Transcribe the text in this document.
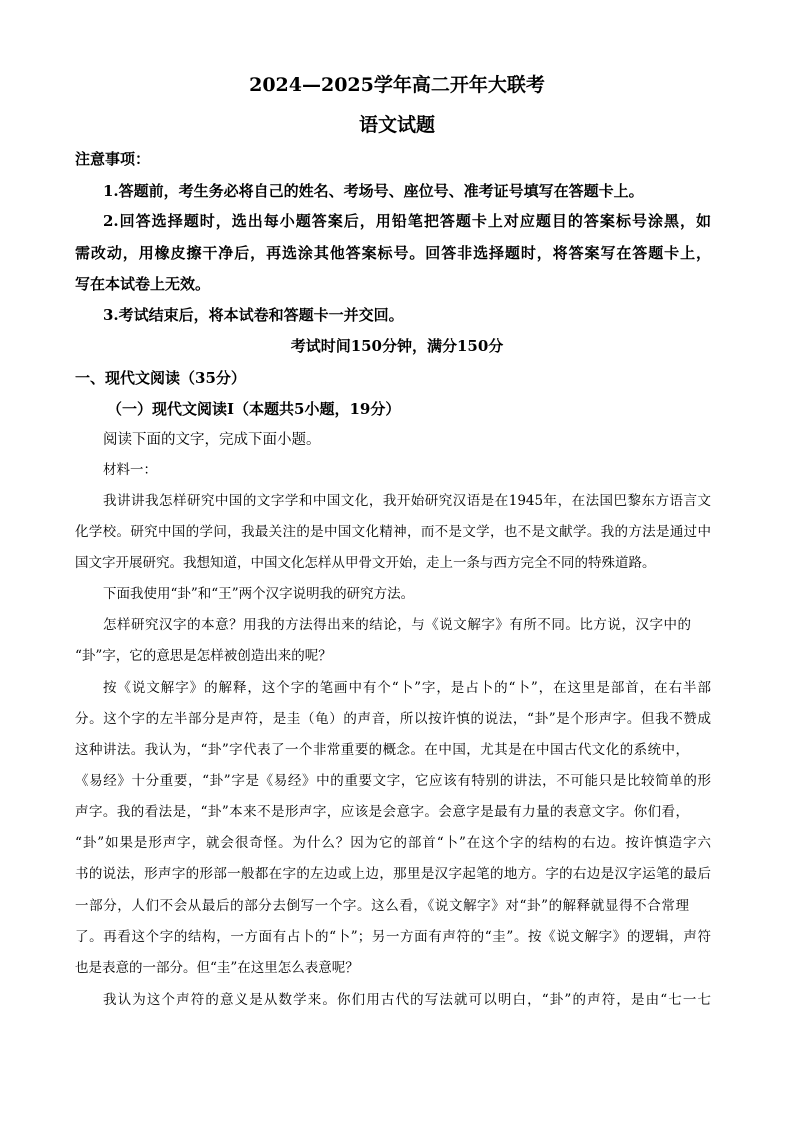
2024—2025学年高二开年大联考
语文试题
注意事项：
1.答题前，考生务必将自己的姓名、考场号、座位号、准考证号填写在答题卡上。
2.回答选择题时，选出每小题答案后，用铅笔把答题卡上对应题目的答案标号涂黑，如
需改动，用橡皮擦干净后，再选涂其他答案标号。回答非选择题时，将答案写在答题卡上，
写在本试卷上无效。
3.考试结束后，将本试卷和答题卡一并交回。
考试时间150分钟，满分150分
一、现代文阅读（35分）
（一）现代文阅读Ⅰ（本题共5小题，19分）
阅读下面的文字，完成下面小题。
材料一：
我讲讲我怎样研究中国的文字学和中国文化，我开始研究汉语是在1945年，在法国巴黎东方语言文
化学校。研究中国的学问，我最关注的是中国文化精神，而不是文学，也不是文献学。我的方法是通过中
国文字开展研究。我想知道，中国文化怎样从甲骨文开始，走上一条与西方完全不同的特殊道路。
下面我使用“卦”和“王”两个汉字说明我的研究方法。
怎样研究汉字的本意？用我的方法得出来的结论，与《说文解字》有所不同。比方说，汉字中的
“卦”字，它的意思是怎样被创造出来的呢？
按《说文解字》的解释，这个字的笔画中有个“卜”字，是占卜的“卜”，在这里是部首，在右半部
分。这个字的左半部分是声符，是圭（龟）的声音，所以按许慎的说法，“卦”是个形声字。但我不赞成
这种讲法。我认为，“卦”字代表了一个非常重要的概念。在中国，尤其是在中国古代文化的系统中，
《易经》十分重要，“卦”字是《易经》中的重要文字，它应该有特别的讲法，不可能只是比较简单的形
声字。我的看法是，“卦”本来不是形声字，应该是会意字。会意字是最有力量的表意文字。你们看，
“卦”如果是形声字，就会很奇怪。为什么？因为它的部首“卜”在这个字的结构的右边。按许慎造字六
书的说法，形声字的形部一般都在字的左边或上边，那里是汉字起笔的地方。字的右边是汉字运笔的最后
一部分，人们不会从最后的部分去倒写一个字。这么看，《说文解字》对“卦”的解释就显得不合常理
了。再看这个字的结构，一方面有占卜的“卜”；另一方面有声符的“圭”。按《说文解字》的逻辑，声符
也是表意的一部分。但“圭”在这里怎么表意呢？
我认为这个声符的意义是从数学来。你们用古代的写法就可以明白，“卦”的声符，是由“七一七
